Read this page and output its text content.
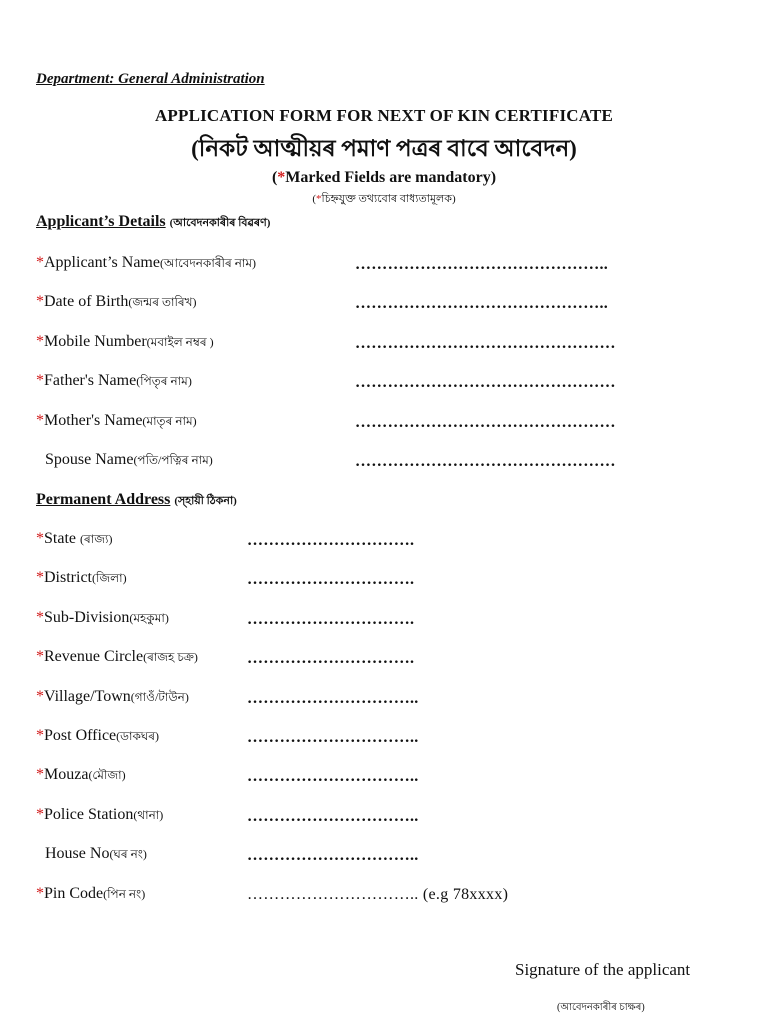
Department: General Administration
APPLICATION FORM FOR NEXT OF KIN CERTIFICATE
(নিকট আত্মীয়ৰ পমাণ পত্ৰৰ বাবে আবেদন)
(*Marked Fields are mandatory)
(*চিহ্নযুক্ত তথ্যবোৰ বাধ্যতামূলক)
Applicant’s Details (আবেদনকাৰীৰ বিৱৰণ)
*Applicant’s Name(আবেদনকাৰীৰ নাম)	………………………………………..
*Date of Birth(জন্মৰ তাৰিখ)	………………………………………..
*Mobile Number(মবাইল নম্বৰ )	…………………………………………
*Father's Name(পিতৃৰ নাম)	…………………………………………
*Mother's Name(মাতৃৰ নাম)	…………………………………………
Spouse Name(পতি/পত্নিৰ নাম)	…………………………………………
Permanent Address (স্হায়ী ঠিকনা)
*State (ৰাজ্য)	………………………….
*District(জিলা)	………………………….
*Sub-Division(মহকুমা)	………………………….
*Revenue Circle(ৰাজহ চক্ৰ)	………………………….
*Village/Town(গাওঁ/টাউন)	…………………………..
*Post Office(ডাকঘৰ)	…………………………..
*Mouza(মৌজা)	…………………………..
*Police Station(থানা)	…………………………..
House No(ঘৰ নং)	…………………………..
*Pin Code(পিন নং)	………………………….. (e.g 78xxxx)
Signature of the applicant
(আবেদনকাৰীৰ চাক্ষৰ)
